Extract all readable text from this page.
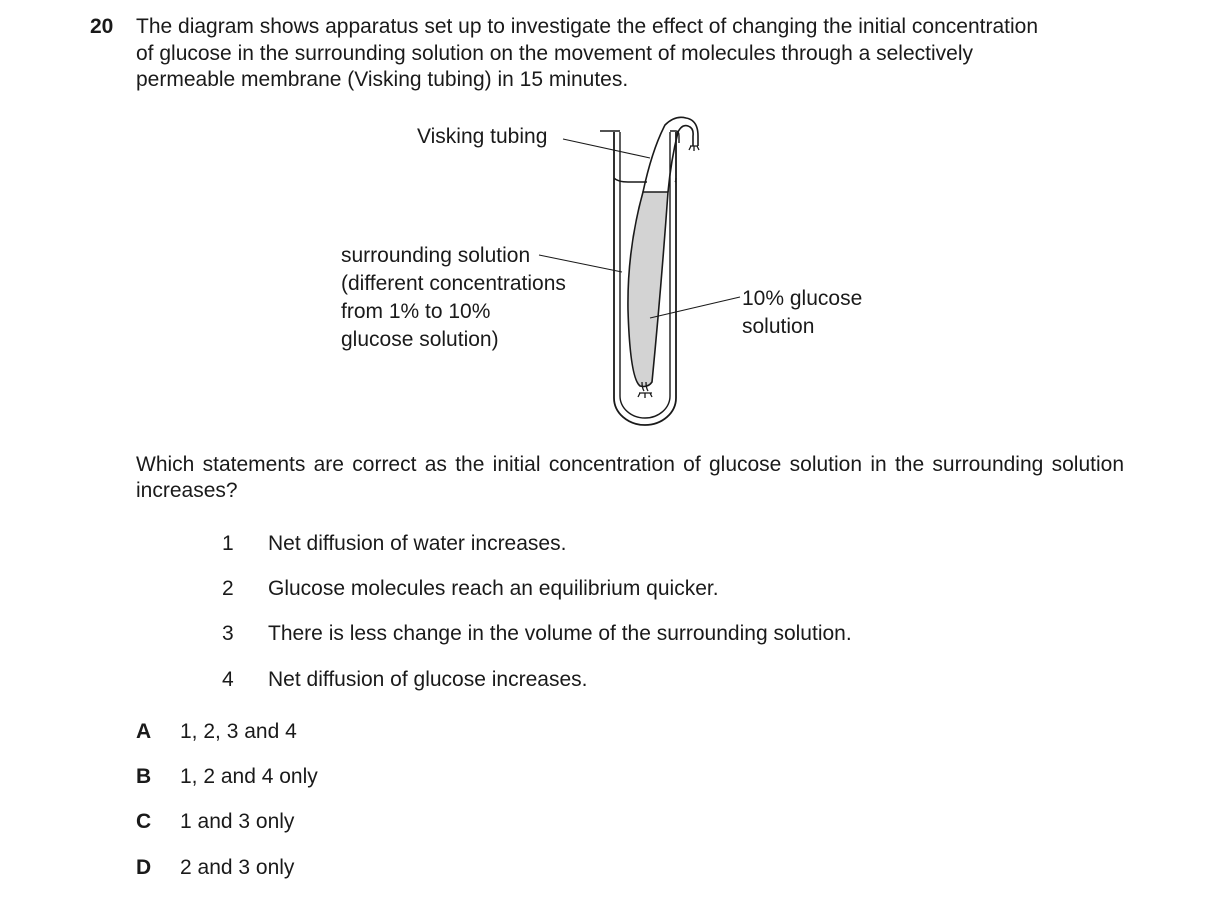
20 The diagram shows apparatus set up to investigate the effect of changing the initial concentration
of glucose in the surrounding solution on the movement of molecules through a selectively
permeable membrane (Visking tubing) in 15 minutes.
Visking tubing
surrounding solution
(different concentrations
from 1% to 10%
glucose solution)
10% glucose
solution
Which statements are correct as the initial concentration of glucose solution in the surrounding solution increases?
1 Net diffusion of water increases.
2 Glucose molecules reach an equilibrium quicker.
3 There is less change in the volume of the surrounding solution.
4 Net diffusion of glucose increases.
A 1, 2, 3 and 4
B 1, 2 and 4 only
C 1 and 3 only
D 2 and 3 only
